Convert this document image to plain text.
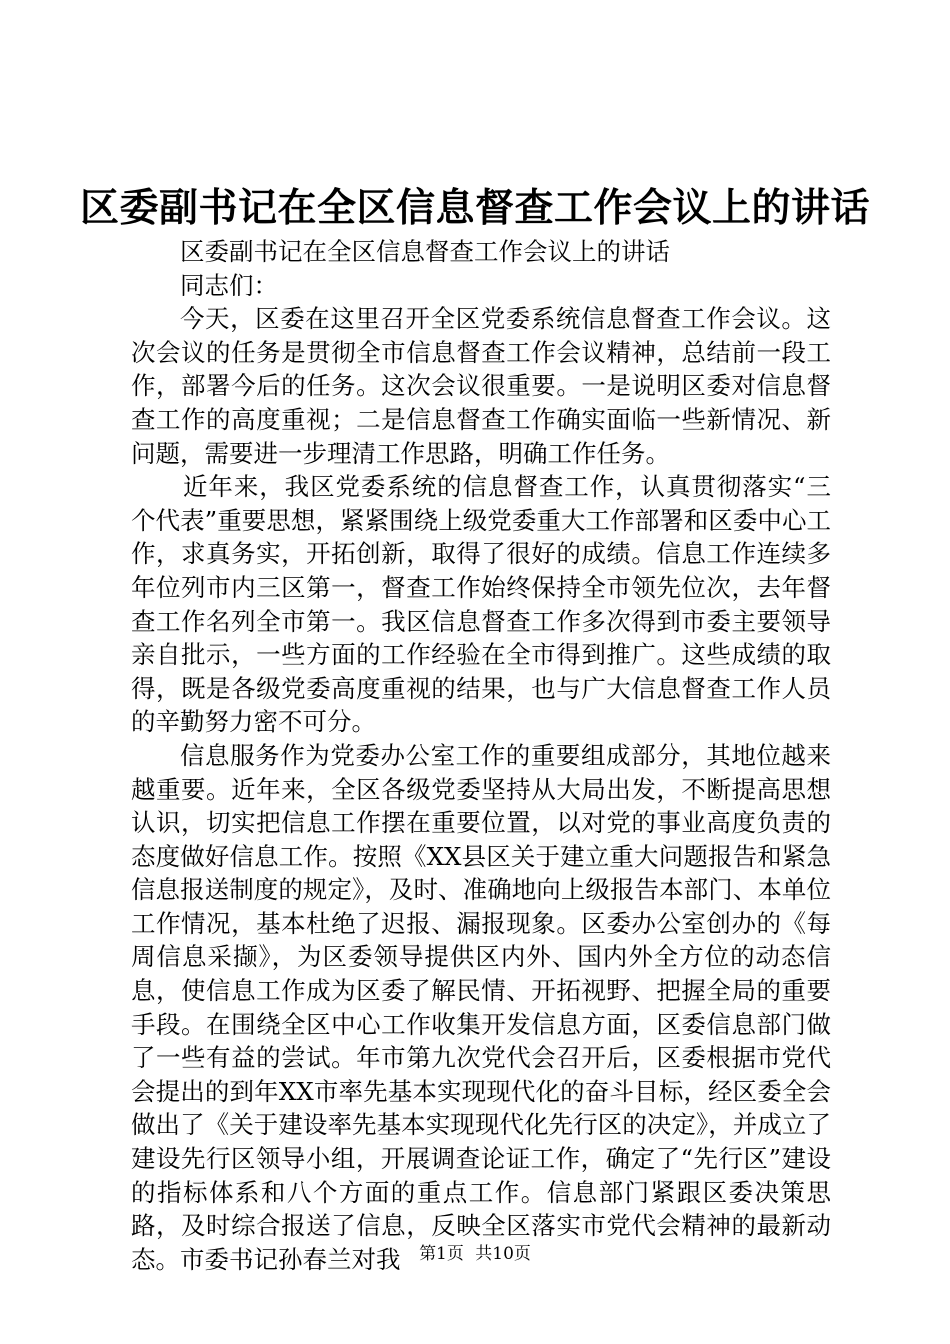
区委副书记在全区信息督查工作会议上的讲话

区委副书记在全区信息督查工作会议上的讲话

同志们：

今天，区委在这里召开全区党委系统信息督查工作会议。这次会议的任务是贯彻全市信息督查工作会议精神，总结前一段工作，部署今后的任务。这次会议很重要。一是说明区委对信息督查工作的高度重视；二是信息督查工作确实面临一些新情况、新问题，需要进一步理清工作思路，明确工作任务。

近年来，我区党委系统的信息督查工作，认真贯彻落实“三个代表”重要思想，紧紧围绕上级党委重大工作部署和区委中心工作，求真务实，开拓创新，取得了很好的成绩。信息工作连续多年位列市内三区第一，督查工作始终保持全市领先位次，去年督查工作名列全市第一。我区信息督查工作多次得到市委主要领导亲自批示，一些方面的工作经验在全市得到推广。这些成绩的取得，既是各级党委高度重视的结果，也与广大信息督查工作人员的辛勤努力密不可分。

信息服务作为党委办公室工作的重要组成部分，其地位越来越重要。近年来，全区各级党委坚持从大局出发，不断提高思想认识，切实把信息工作摆在重要位置，以对党的事业高度负责的态度做好信息工作。按照《XX县区关于建立重大问题报告和紧急信息报送制度的规定》，及时、准确地向上级报告本部门、本单位工作情况，基本杜绝了迟报、漏报现象。区委办公室创办的《每周信息采撷》，为区委领导提供区内外、国内外全方位的动态信息，使信息工作成为区委了解民情、开拓视野、把握全局的重要手段。在围绕全区中心工作收集开发信息方面，区委信息部门做了一些有益的尝试。年市第九次党代会召开后，区委根据市党代会提出的到年XX市率先基本实现现代化的奋斗目标，经区委全会做出了《关于建设率先基本实现现代化先行区的决定》，并成立了建设先行区领导小组，开展调查论证工作，确定了“先行区”建设的指标体系和八个方面的重点工作。信息部门紧跟区委决策思路，及时综合报送了信息，反映全区落实市党代会精神的最新动态。市委书记孙春兰对我	第1页 共10页
